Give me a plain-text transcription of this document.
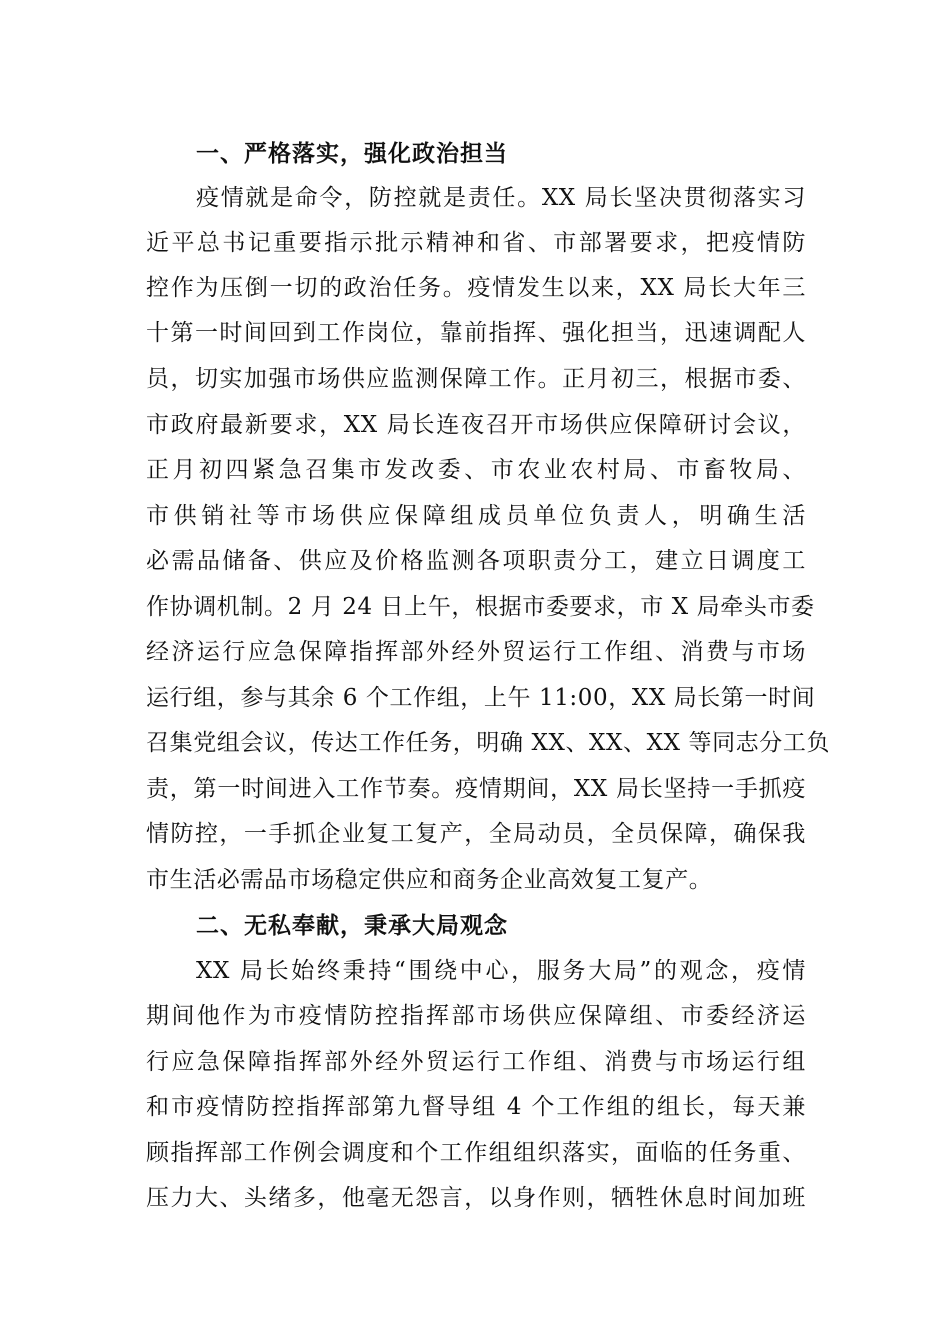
一、严格落实，强化政治担当
疫情就是命令，防控就是责任。XX 局长坚决贯彻落实习
近平总书记重要指示批示精神和省、市部署要求，把疫情防
控作为压倒一切的政治任务。疫情发生以来，XX 局长大年三
十第一时间回到工作岗位，靠前指挥、强化担当，迅速调配人
员，切实加强市场供应监测保障工作。正月初三，根据市委、
市政府最新要求，XX 局长连夜召开市场供应保障研讨会议，
正月初四紧急召集市发改委、市农业农村局、市畜牧局、
市供销社等市场供应保障组成员单位负责人，明确生活
必需品储备、供应及价格监测各项职责分工，建立日调度工
作协调机制。2 月 24 日上午，根据市委要求，市 X 局牵头市委
经济运行应急保障指挥部外经外贸运行工作组、消费与市场
运行组，参与其余 6 个工作组，上午 11:00，XX 局长第一时间
召集党组会议，传达工作任务，明确 XX、XX、XX 等同志分工负
责，第一时间进入工作节奏。疫情期间，XX 局长坚持一手抓疫
情防控，一手抓企业复工复产，全局动员，全员保障，确保我
市生活必需品市场稳定供应和商务企业高效复工复产。
二、无私奉献，秉承大局观念
XX 局长始终秉持“围绕中心，服务大局”的观念，疫情
期间他作为市疫情防控指挥部市场供应保障组、市委经济运
行应急保障指挥部外经外贸运行工作组、消费与市场运行组
和市疫情防控指挥部第九督导组 4 个工作组的组长，每天兼
顾指挥部工作例会调度和个工作组组织落实，面临的任务重、
压力大、头绪多，他毫无怨言，以身作则，牺牲休息时间加班
